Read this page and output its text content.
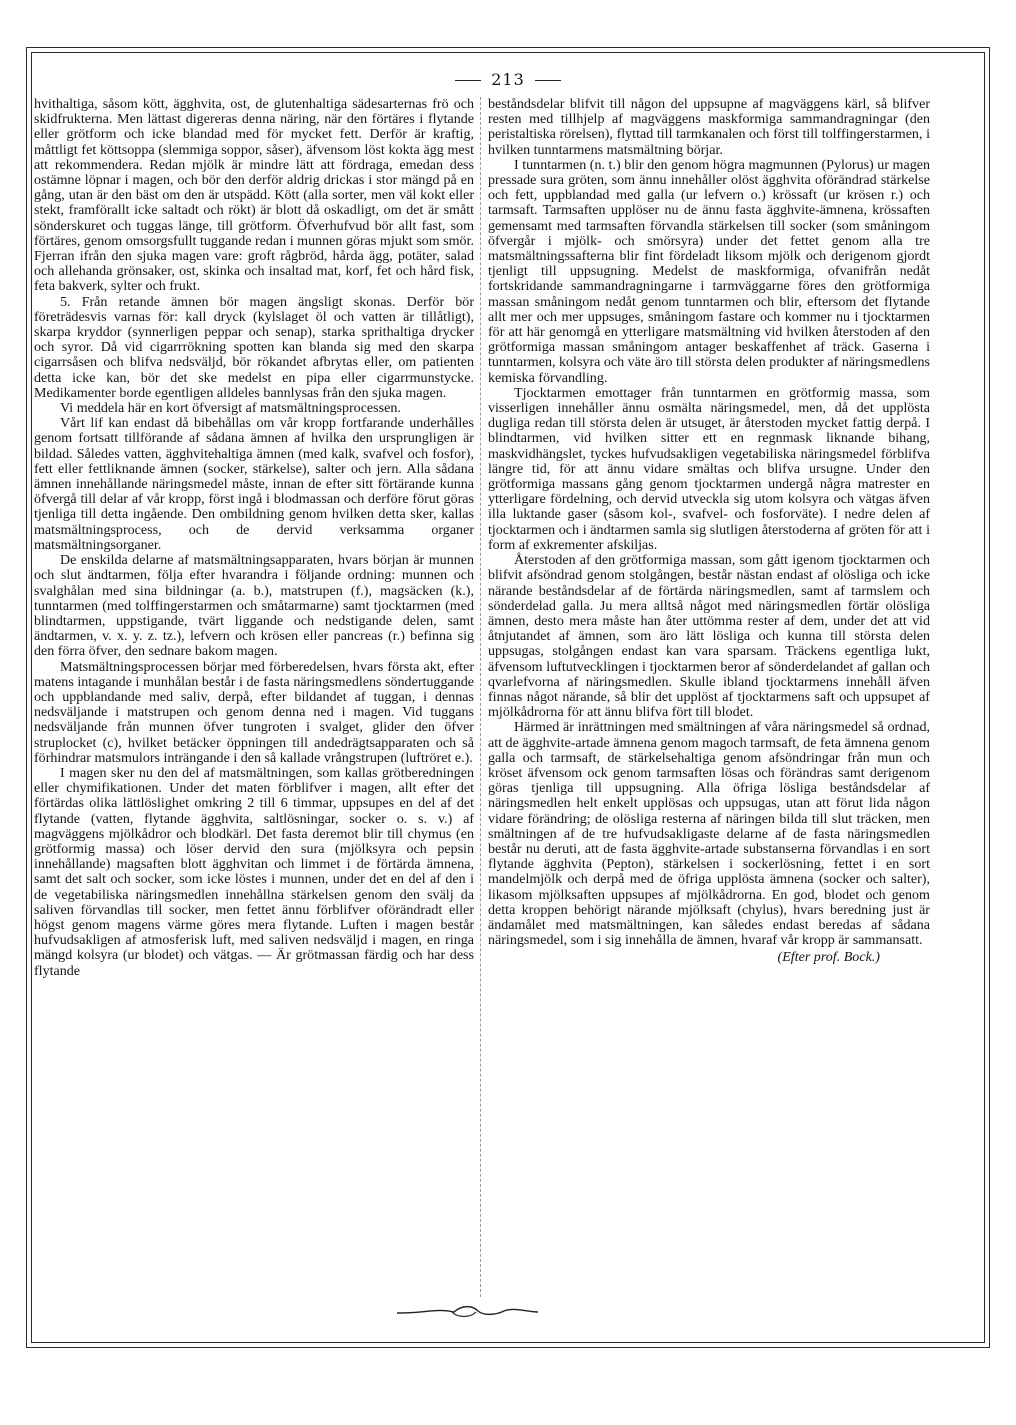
213

hvithaltiga, såsom kött, ägghvita, ost, de glutenhaltiga sädesarternas frö och skidfrukterna. Men lättast digereras denna näring, när den förtäres i flytande eller grötform och icke blandad med för mycket fett. Derför är kraftig, måttligt fet köttsoppa (slemmiga soppor, såser), äfvensom löst kokta ägg mest att rekommendera. Redan mjölk är mindre lätt att fördraga, emedan dess ostämne löpnar i magen, och bör den derför aldrig drickas i stor mängd på en gång, utan är den bäst om den är utspädd. Kött (alla sorter, men väl kokt eller stekt, framförallt icke saltadt och rökt) är blott då oskadligt, om det är smått sönderskuret och tuggas länge, till grötform. Öfverhufvud bör allt fast, som förtäres, genom omsorgsfullt tuggande redan i munnen göras mjukt som smör. Fjerran ifrån den sjuka magen vare: groft rågbröd, hårda ägg, potäter, salad och allehanda grönsaker, ost, skinka och insaltad mat, korf, fet och hård fisk, feta bakverk, sylter och frukt.

5. Från retande ämnen bör magen ängsligt skonas. Derför bör företrädesvis varnas för: kall dryck (kylslaget öl och vatten är tillåtligt), skarpa kryddor (synnerligen peppar och senap), starka sprithaltiga drycker och syror. Då vid cigarrrökning spotten kan blanda sig med den skarpa cigarrsåsen och blifva nedsväljd, bör rökandet afbrytas eller, om patienten detta icke kan, bör det ske medelst en pipa eller cigarrmunstycke. Medikamenter borde egentligen alldeles bannlysas från den sjuka magen.

Vi meddela här en kort öfversigt af matsmältningsprocessen.

Vårt lif kan endast då bibehållas om vår kropp fortfarande underhålles genom fortsatt tillförande af sådana ämnen af hvilka den ursprungligen är bildad. Således vatten, ägghvitehaltiga ämnen (med kalk, svafvel och fosfor), fett eller fettliknande ämnen (socker, stärkelse), salter och jern. Alla sådana ämnen innehållande näringsmedel måste, innan de efter sitt förtärande kunna öfvergå till delar af vår kropp, först ingå i blodmassan och derföre förut göras tjenliga till detta ingående. Den ombildning genom hvilken detta sker, kallas matsmältningsprocess, och de dervid verksamma organer matsmältningsorganer.

De enskilda delarne af matsmältningsapparaten, hvars början är munnen och slut ändtarmen, följa efter hvarandra i följande ordning: munnen och svalghålan med sina bildningar (a. b.), matstrupen (f.), magsäcken (k.), tunntarmen (med tolffingerstarmen och småtarmarne) samt tjocktarmen (med blindtarmen, uppstigande, tvärt liggande och nedstigande delen, samt ändtarmen, v. x. y. z. tz.), lefvern och krösen eller pancreas (r.) befinna sig den förra öfver, den sednare bakom magen.

Matsmältningsprocessen börjar med förberedelsen, hvars första akt, efter matens intagande i munhålan består i de fasta näringsmedlens söndertuggande och uppblandande med saliv, derpå, efter bildandet af tuggan, i dennas nedsväljande i matstrupen och genom denna ned i magen. Vid tuggans nedsväljande från munnen öfver tungroten i svalget, glider den öfver struplocket (c), hvilket betäcker öppningen till andedrägtsapparaten och så förhindrar matsmulors inträngande i den så kallade vrångstrupen (luftröret e.).

I magen sker nu den del af matsmältningen, som kallas grötberedningen eller chymifikationen. Under det maten förblifver i magen, allt efter det förtärdas olika lättlöslighet omkring 2 till 6 timmar, uppsupes en del af det flytande (vatten, flytande ägghvita, saltlösningar, socker o. s. v.) af magväggens mjölkådror och blodkärl. Det fasta deremot blir till chymus (en grötformig massa) och löser dervid den sura (mjölksyra och pepsin innehållande) magsaften blott ägghvitan och limmet i de förtärda ämnena, samt det salt och socker, som icke löstes i munnen, under det en del af den i de vegetabiliska näringsmedlen innehållna stärkelsen genom den svälj da saliven förvandlas till socker, men fettet ännu förblifver oförändradt eller högst genom magens värme göres mera flytande. Luften i magen består hufvudsakligen af atmosferisk luft, med saliven nedsväljd i magen, en ringa mängd kolsyra (ur blodet) och vätgas. — Är grötmassan färdig och har dess flytande

beståndsdelar blifvit till någon del uppsupne af magväggens kärl, så blifver resten med tillhjelp af magväggens maskformiga sammandragningar (den peristaltiska rörelsen), flyttad till tarmkanalen och först till tolffingerstarmen, i hvilken tunntarmens matsmältning börjar.

I tunntarmen (n. t.) blir den genom högra magmunnen (Pylorus) ur magen pressade sura gröten, som ännu innehåller olöst ägghvita oförändrad stärkelse och fett, uppblandad med galla (ur lefvern o.) krössaft (ur krösen r.) och tarmsaft. Tarmsaften upplöser nu de ännu fasta ägghvite-ämnena, krössaften gemensamt med tarmsaften förvandla stärkelsen till socker (som småningom öfvergår i mjölk- och smörsyra) under det fettet genom alla tre matsmältningssafterna blir fint fördeladt liksom mjölk och derigenom gjordt tjenligt till uppsugning. Medelst de maskformiga, ofvanifrån nedåt fortskridande sammandragningarne i tarmväggarne föres den grötformiga massan småningom nedåt genom tunntarmen och blir, eftersom det flytande allt mer och mer uppsuges, småningom fastare och kommer nu i tjocktarmen för att här genomgå en ytterligare matsmältning vid hvilken återstoden af den grötformiga massan småningom antager beskaffenhet af träck. Gaserna i tunntarmen, kolsyra och väte äro till största delen produkter af näringsmedlens kemiska förvandling.

Tjocktarmen emottager från tunntarmen en grötformig massa, som visserligen innehåller ännu osmälta näringsmedel, men, då det upplösta dugliga redan till största delen är utsuget, är återstoden mycket fattig derpå. I blindtarmen, vid hvilken sitter ett en regnmask liknande bihang, maskvidhängslet, tyckes hufvudsakligen vegetabiliska näringsmedel förblifva längre tid, för att ännu vidare smältas och blifva ursugne. Under den grötformiga massans gång genom tjocktarmen undergå några matrester en ytterligare fördelning, och dervid utveckla sig utom kolsyra och vätgas äfven illa luktande gaser (såsom kol-, svafvel- och fosforväte). I nedre delen af tjocktarmen och i ändtarmen samla sig slutligen återstoderna af gröten för att i form af exkrementer afskiljas.

Återstoden af den grötformiga massan, som gått igenom tjocktarmen och blifvit afsöndrad genom stolgången, består nästan endast af olösliga och icke närande beståndsdelar af de förtärda näringsmedlen, samt af tarmslem och sönderdelad galla. Ju mera alltså något med näringsmedlen förtär olösliga ämnen, desto mera måste han åter uttömma rester af dem, under det att vid åtnjutandet af ämnen, som äro lätt lösliga och kunna till största delen uppsugas, stolgången endast kan vara sparsam. Träckens egentliga lukt, äfvensom luftutvecklingen i tjocktarmen beror af sönderdelandet af gallan och qvarlefvorna af näringsmedlen. Skulle ibland tjocktarmens innehåll äfven finnas något närande, så blir det upplöst af tjocktarmens saft och uppsupet af mjölkådrorna för att ännu blifva fört till blodet.

Härmed är inrättningen med smältningen af våra näringsmedel så ordnad, att de ägghvite-artade ämnena genom magoch tarmsaft, de feta ämnena genom galla och tarmsaft, de stärkelsehaltiga genom afsöndringar från mun och kröset äfvensom ock genom tarmsaften lösas och förändras samt derigenom göras tjenliga till uppsugning. Alla öfriga lösliga beståndsdelar af näringsmedlen helt enkelt upplösas och uppsugas, utan att förut lida någon vidare förändring; de olösliga resterna af näringen bilda till slut träcken, men smältningen af de tre hufvudsakligaste delarne af de fasta näringsmedlen består nu deruti, att de fasta ägghvite-artade substanserna förvandlas i en sort flytande ägghvita (Pepton), stärkelsen i sockerlösning, fettet i en sort mandelmjölk och derpå med de öfriga upplösta ämnena (socker och salter), likasom mjölksaften uppsupes af mjölkådrorna. En god, blodet och genom detta kroppen behörigt närande mjölksaft (chylus), hvars beredning just är ändamålet med matsmältningen, kan således endast beredas af sådana näringsmedel, som i sig innehålla de ämnen, hvaraf vår kropp är sammansatt.

(Efter prof. Bock.)
